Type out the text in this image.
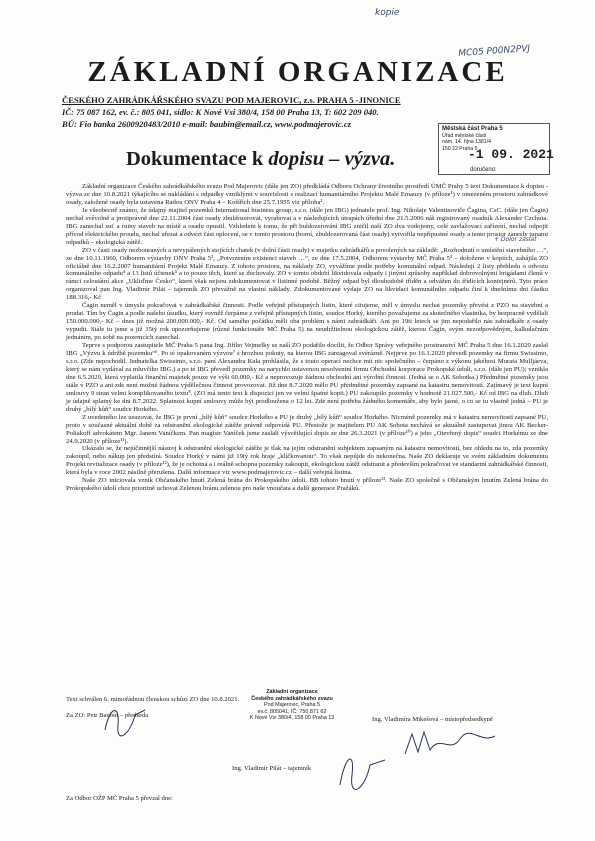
kopie
MC05 P00N2PVJ
ZÁKLADNÍ ORGANIZACE
ČESKÉHO ZAHRÁDKÁŘSKÉHO SVAZU POD MAJEROVIC, z.s. PRAHA 5 -JINONICE
IČ: 75 087 162, ev. č.: 805 041, sídlo: K Nové Vsi 380/4, 158 00 Praha 13, T: 602 209 040.
BÚ: Fio banka 2600920483/2010 e-mail: baubin@email.cz, www.podmajerovic.cz	Městská část Praha 5
Úřad městské části
nám. 14. října 1381/4
150 22 Praha 5
-1 09. 2021
doručeno:
Dokumentace k dopisu – výzva.
+ Dolor zaslat

Základní organizace Českého zahrádkářského svazu Pod Majerovic (dále jen ZO) předkládá Odboru Ochrany životního prostředí ÚMČ Prahy 5 text Dokumentace k dopisu - výzva ze dne 10.8.2021 týkajícího se nakládání s odpadky vzniklými v souvislosti s realizací humanitárního Projektu Malé Emauzy (v příloze¹) v omezeném prostoru zahrádkové osady, založené osady byla ustavena Radou ONV Praha 4 – Košířích dne 25.7.1955 viz příloha².

Je všeobecně známo, že údajný majitel pozemků International business group, s.r.o. (dále jen IBG) jednatele prof. Ing. Nikolaje Valentinoviče Čagina, CsC. (dále jen Čagin) nechal svévolně a protiprávně dne 22.11.2004 část osady zbuldozerovat, vyrabovat a v následujících útrapách úřední dne 21.5.2006 náš registrovaný osadník Alexander Czchuta. IBG zanechal suť a ruiny staveb na místě a osadu opustil. Vzhledem k tomu, že při buldozerování IBG zničil naší ZO dva vodojemy, celé zavlažovací zařízení, nechal odpojit přívod elektrického proudu, nechal uřezat a odvézt část oplocení, se v tomto prostoru (borní, zbuldozerovaná část osady) vytvořila nepřípustné osady a tento prostor zanesly tunami odpadků – ekologická zátěž.

ZO v části osady nezbouraných a nevypálených stojících chatek (v dolní části osady) v majetku zahrádkářů a povolených na základě: „Rozhodnutí o umístění stavebního …“, ze dne 10.11.1960, Odborem výstavby ONV Praha 5², „Potvrzením existenci staveb …“, ze dne 17.5.2004, Odborem výstavby MČ Praha 5³ – doloženo v kopiích, zahájila ZO oficiálně dne 16.2.2007 humanitární Projekt Malé Emauzy. Z tohoto prostoru, na náklady ZO, vyvážíme podle potřeby komunální odpad. Následují 2 listy přehledu o odvozu komunálního odpadu⁴ a 13 listů účtenek⁵ a to pouze těch, které se dochovaly. ZO v tomto období likvidovala odpady i jinými způsoby například dobrovolnými brigádami členů v rámci celostátní akce „Ukliďme Česko“, které však nejsou zdokumentovat v listinné podobě. Běžný odpad byl dlouhodobě tříděn a odvážen do třídících kontejnerů. Tyto práce organizoval pan Ing. Vladimír Pilát – tajemník ZO převážně na vlastní náklady. Zdokumentované výdaje ZO na likvidaci komunálního odpadu činí k dnešnímu dni částku 188.316,- Kč

Čagin neměl v úmyslu pokračovat v zahrádkářské činnosti. Podle veřejně přístupných listin, které citujeme, měl v úmyslu nechat pozemky převést z PZO na stavební a prodat. Tím by Čagin a podle našeho úsudku, který rovněž čerpáme z veřejně přístupných listin, soudce Horký, kterého považujeme za skutečného vlastníka, by bezpracně vydělali 150.000.000,- Kč – dnes již možná 200.000.000,- Kč. Od samého počátku měli oba problém s námi zahrádkáři. Ani po 19ti letech se jim nepodařilo nás zahrádkáře z osady vypudit. Stále tu jsme a již 15tý rok upozorňujeme (různé funkcionáře MČ Praha 5) na neudržitelnou ekologickou zátěž, kterou Čagin, svým nezodpovědným, kalkulačním jednáním, po sobě na pozemcích zanechal.

Teprve s podporou zastupitele MČ Praha 5 pana Ing. Jiřího Vejmelky se naší ZO podařilo docílit, že Odbor Správy veřejného prostranství MČ Praha 5 dne 16.1.2020 zaslal IBG „Výzvu k údržbě pozemku“⁶. Po té opakovaném výzvou⁷ s hrozbou pokuty, na kterou IBG zareagoval svérázně. Nejprve po 16.1.2020 převedl pozemky na firmu Swissimo, s.r.o. (Zde nepochodil. Jednatelka Swissimo, s.r.o. paní Alexandra Kala prohlásila, že s touto operací nechce mít nic společného – čerpáno z výkonu jakéhosi Murata Mulljáeva, který se nám vydával za mluvčího IBG.) a po té IBG převedl pozemky na narychlo ustavenou nesolventní firmu Obchodní korporace Prokopské údolí, s.r.o. (dále jen PU); vznikla dne 6.5.2020, která vyplatila finanční majetek pouze ve výši 60.000,- Kč a neprovozuje žádnou obchodní ani výrobní činnost. (Jedná se o AK Sobotka.) Předmětné pozemky jsou stále v PZO a ani zde není možné žádnou výdělečnou činnost provozovat. Již dne 8.7.2020 mělo PU předmětné pozemky zapsané na katastru nemovitostí. Zajímavý je text kupní smlouvy 9 stran velmi komplikovaného textu⁸. (ZO má tento text k dispozici jen ve velmi špatné kopii.) PU zakoupilo pozemky v hodnotě 21.027.500,- Kč od IBG na dluh. Dluh je údajně splatný ke dni 8.7.2022. Splatnost kupní smlouvy může být prodloužena o 12 let. Zde není potřeba žádného komentáře, aby bylo jasné, o co se tu vlastně jedná – PU je druhý „bílý kůň“ soudce Horkého.

Z uvedeného lze usuzovat, že IBG je první „bílý kůň“ soudce Horkého a PU je druhý „bílý kůň“ soudce Horkého. Nicméně pozemky má v katastru nemovitostí zapsané PU, proto v současné aktuální době za odstranění ekologické zátěže právně odpovídá PU. Přestože je majitelem PU AK Sobota nechává se aktuálně zastupovat jinou AK Becker-Poliakoff advokátem Mgr. Janem Vaníčkem. Pan magistr Vaníček jsme zaslali výsvětlující dopis ze dne 26.3.2021 (v příloze¹⁰) a jeho „Otevřený dopis“ soudci Horkému ze dne 24.9.2020 (v příloze¹¹).

Ukázalo se, že nejúčinnější nástroj k odstranění ekologické zátěže je tlak na jejím odstranění subjektem zapsaným na katastru nemovitostí, bez ohledu na to, zda pozemky zakoupil, nebo nákup jen předstírá. Soudce Horký v námi již 19tý rok hraje „klíčkovanou“. To však nepůjde do nekonečna. Naše ZO deklaruje ve svém základním dokumentu Projekt revitalizace osady (v příloze¹²), že je ochotna a i reálně schopna pozemky zakoupit, ekologickou zátěž odstranit a především pokračovat ve standartní zahrádkářské činnosti, která byla v roce 2002 násilně přerušena. Další informace viz www.podmajerovic.cz – další veřejná listina.

Naše ZO iniciovala vznik Občanského hnutí Zelená brána do Prokopského údolí. BB tohoto hnutí v příloze¹³. Naše ZO společně s Občanským hnutím Zelená brána do Prokopského údolí chce prioritně uchovat Zelenou bránu zelenou pro naše vnoučata a další generace Pražáků.

Text schválen 6. mimořádnou členskou schůzí ZO dne 10.8.2021.
Za ZO: Petr Baubín – předseda
Ing. Vladimíra Mikešová – místopředsedkyně
Ing. Vladimír Pilát – tajemník
Za Odbor OŽP MČ Praha 5 převzal dne:
Základní organizace
Českého zahrádkářského svazu
Pod Majerovic, Praha 5
ev.č. 805041, IČ: 750 871 62
K Nové Vsi 380/4, 158 00 Praha 13
